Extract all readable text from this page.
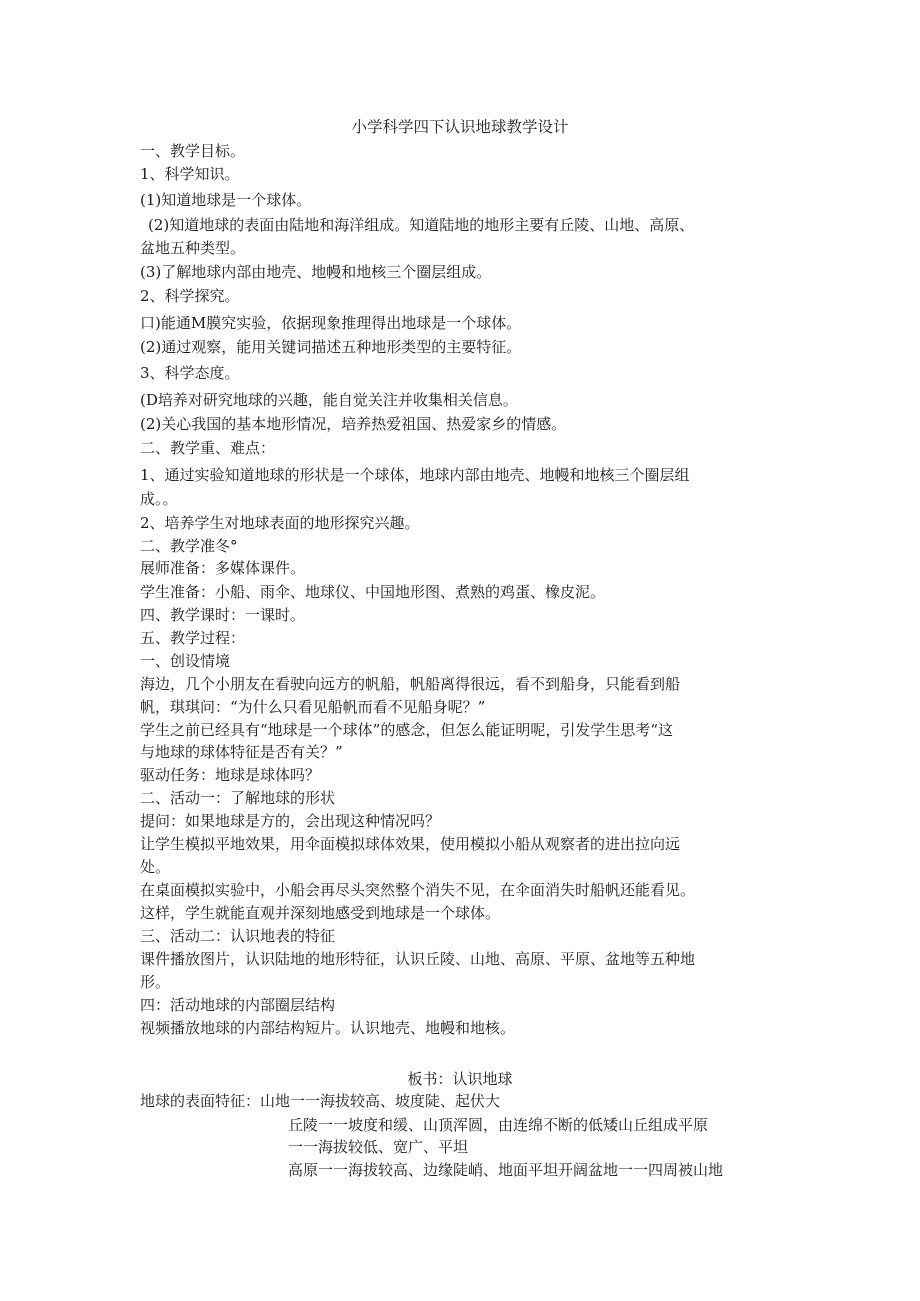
小学科学四下认识地球教学设计
一、教学目标。
1、科学知识。
(1)知道地球是一个球体。
(2)知道地球的表面由陆地和海洋组成。知道陆地的地形主要有丘陵、山地、高原、
盆地五种类型。
(3)了解地球内部由地壳、地幔和地核三个圈层组成。
2、科学探究。
口)能通M膜究实验，依据现象推理得出地球是一个球体。
(2)通过观察，能用关键词描述五种地形类型的主要特征。
3、科学态度。
(D培养对研究地球的兴趣，能自觉关注并收集相关信息。
(2)关心我国的基本地形情况，培养热爱祖国、热爱家乡的情感。
二、教学重、难点：
1、通过实验知道地球的形状是一个球体，地球内部由地壳、地幔和地核三个圈层组
成。。
2、培养学生对地球表面的地形探究兴趣。
二、教学准冬°
展师准备：多媒体课件。
学生准备：小船、雨伞、地球仪、中国地形图、煮熟的鸡蛋、橡皮泥。
四、教学课时：一课时。
五、教学过程：
一、创设情境
海边，几个小朋友在看驶向远方的帆船，帆船离得很远，看不到船身，只能看到船
帆，琪琪问：“为什么只看见船帆而看不见船身呢？”
学生之前已经具有“地球是一个球体”的感念，但怎么能证明呢，引发学生思考“这
与地球的球体特征是否有关？”
驱动任务：地球是球体吗？
二、活动一：了解地球的形状
提问：如果地球是方的，会出现这种情况吗？
让学生模拟平地效果，用伞面模拟球体效果，使用模拟小船从观察者的进出拉向远
处。
在桌面模拟实验中，小船会再尽头突然整个消失不见，在伞面消失时船帆还能看见。
这样，学生就能直观并深刻地感受到地球是一个球体。
三、活动二：认识地表的特征
课件播放图片，认识陆地的地形特征，认识丘陵、山地、高原、平原、盆地等五种地
形。
四：活动地球的内部圈层结构
视频播放地球的内部结构短片。认识地壳、地幔和地核。
板书：认识地球
地球的表面特征：山地一一海拔较高、坡度陡、起伏大
丘陵一一坡度和缓、山顶浑圆，由连绵不断的低矮山丘组成平原
一一海拔较低、宽广、平坦
高原一一海拔较高、边缘陡峭、地面平坦开阔盆地一一四周被山地
